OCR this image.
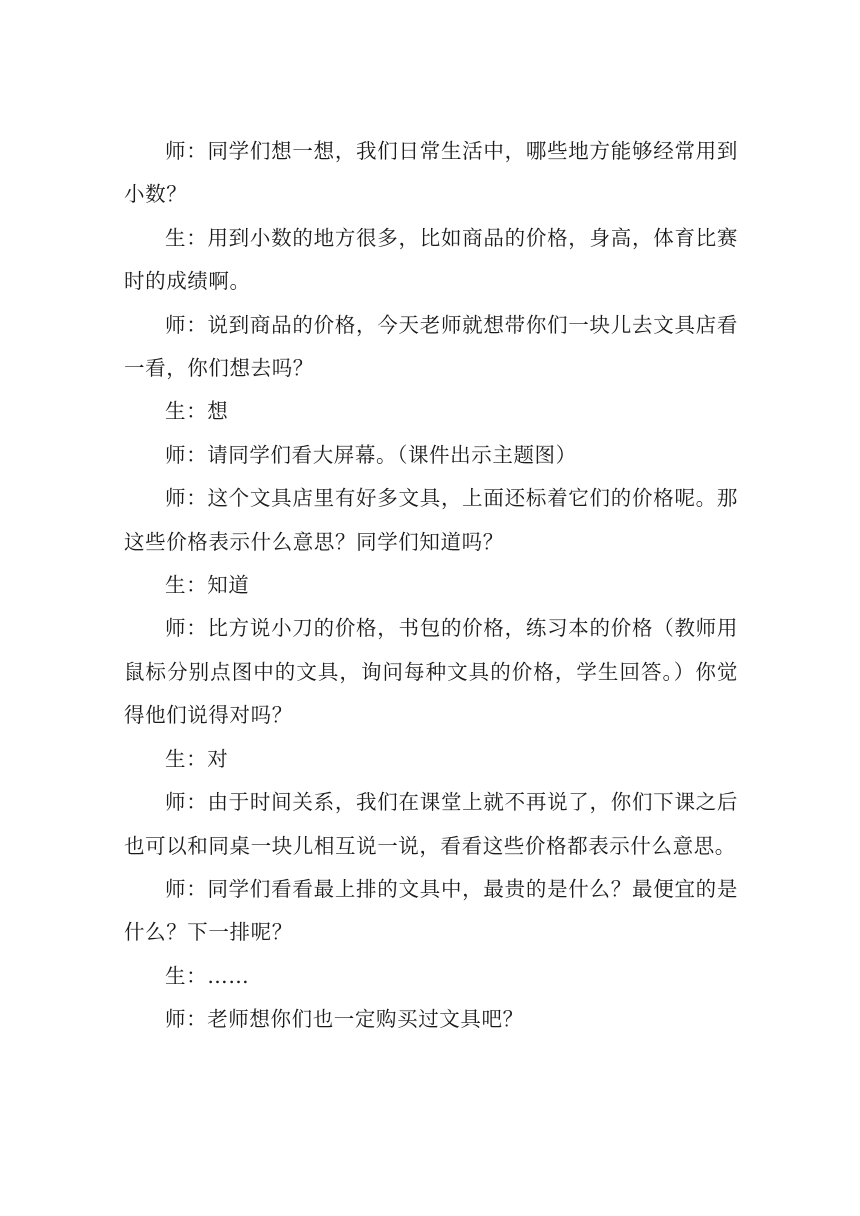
师：同学们想一想，我们日常生活中，哪些地方能够经常用到小数？

生：用到小数的地方很多，比如商品的价格，身高，体育比赛时的成绩啊。

师：说到商品的价格，今天老师就想带你们一块儿去文具店看一看，你们想去吗？

生：想

师：请同学们看大屏幕。（课件出示主题图）

师：这个文具店里有好多文具，上面还标着它们的价格呢。那这些价格表示什么意思？同学们知道吗？

生：知道

师：比方说小刀的价格，书包的价格，练习本的价格（教师用鼠标分别点图中的文具，询问每种文具的价格，学生回答。）你觉得他们说得对吗？

生：对

师：由于时间关系，我们在课堂上就不再说了，你们下课之后也可以和同桌一块儿相互说一说，看看这些价格都表示什么意思。

师：同学们看看最上排的文具中，最贵的是什么？最便宜的是什么？下一排呢？

生：……

师：老师想你们也一定购买过文具吧？
